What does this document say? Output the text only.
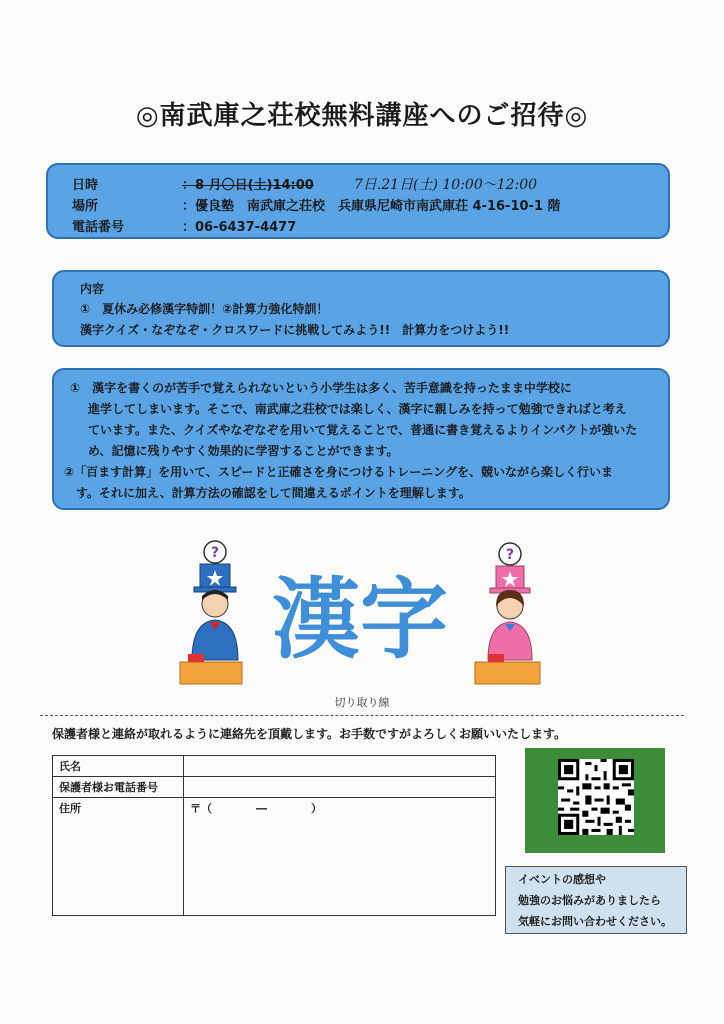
◎南武庫之荘校無料講座へのご招待◎
日時	：8 月〇日(土)14:00	7日.21日(土) 10:00～12:00
場所	：優良塾　南武庫之荘校　兵庫県尼崎市南武庫荘 4-16-10-1 階
電話番号	：06-6437-4477
内容
①　夏休み必修漢字特訓！②計算力強化特訓！
漢字クイズ・なぞなぞ・クロスワードに挑戦してみよう!!　計算力をつけよう!!

①　漢字を書くのが苦手で覚えられないという小学生は多く、苦手意識を持ったまま中学校に

進学してしまいます。そこで、南武庫之荘校では楽しく、漢字に親しみを持って勉強できればと考え

ています。また、クイズやなぞなぞを用いて覚えることで、普通に書き覚えるよりインパクトが強いた

め、記憶に残りやすく効果的に学習することができます。

②「百ます計算」を用いて、スピードと正確さを身につけるトレーニングを、競いながら楽しく行いま

す。それに加え、計算方法の確認をして間違えるポイントを理解します。

?
漢字
?
切り取り線
保護者様と連絡が取れるように連絡先を頂戴します。お手数ですがよろしくお願いいたします。
氏名	
保護者様お電話番号	
住所	〒（　　　　―　　　　）
イベントの感想や
勉強のお悩みがありましたら
気軽にお問い合わせください。
